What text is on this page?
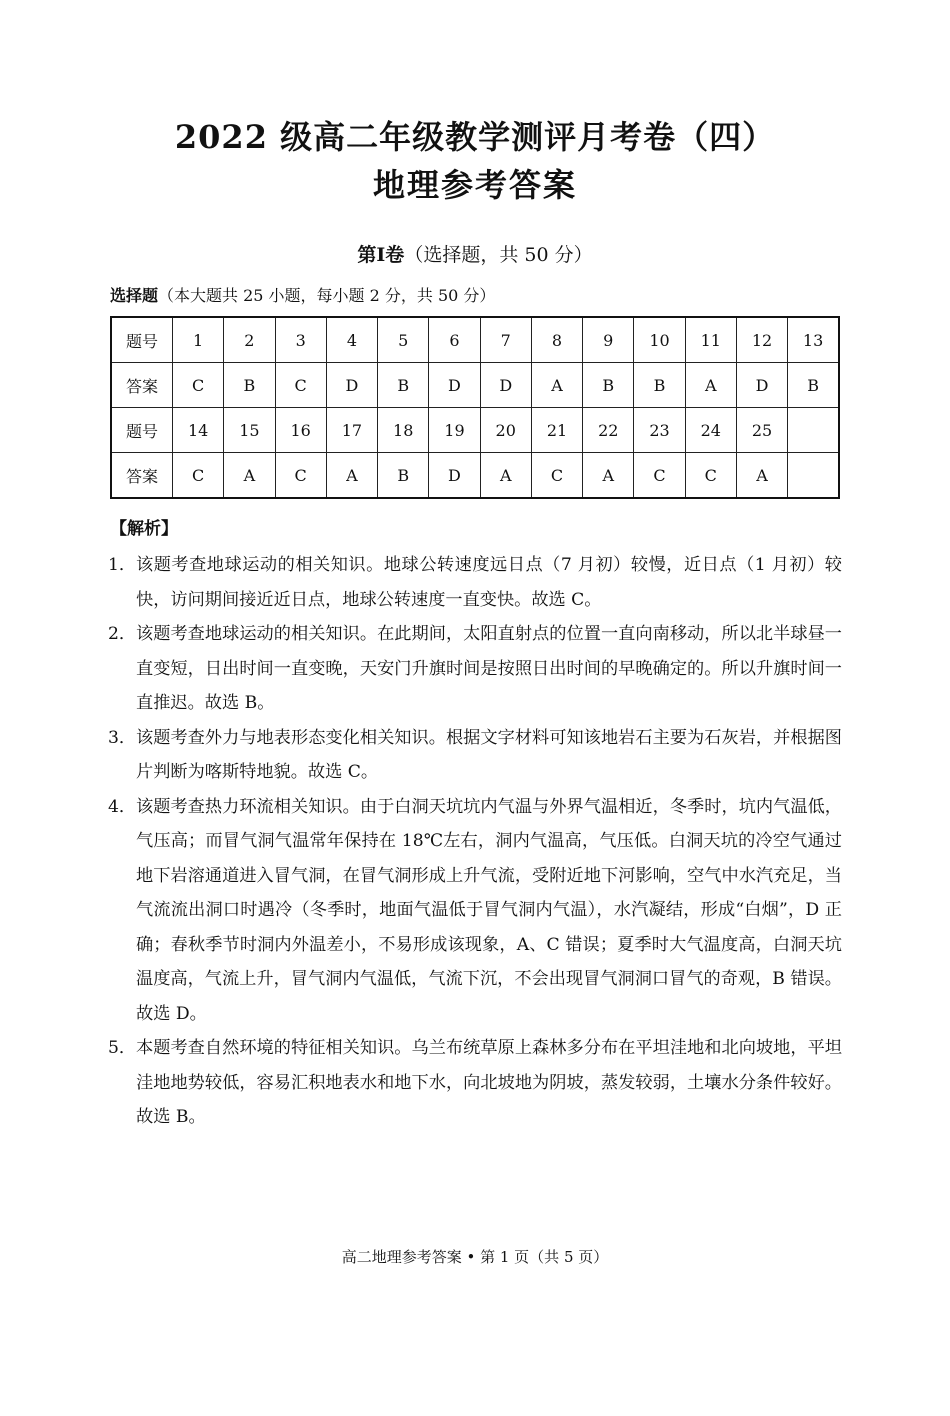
2022 级高二年级教学测评月考卷（四）
地理参考答案
第Ⅰ卷（选择题，共 50 分）
选择题（本大题共 25 小题，每小题 2 分，共 50 分）
题号	1	2	3	4	5	6	7	8	9	10	11	12	13
答案	C	B	C	D	B	D	D	A	B	B	A	D	B
题号	14	15	16	17	18	19	20	21	22	23	24	25	
答案	C	A	C	A	B	D	A	C	A	C	C	A	
【解析】
1． 该题考查地球运动的相关知识。地球公转速度远日点（7 月初）较慢，近日点（1 月初）较快，访问期间接近近日点，地球公转速度一直变快。故选 C。
2． 该题考查地球运动的相关知识。在此期间，太阳直射点的位置一直向南移动，所以北半球昼一直变短，日出时间一直变晚，天安门升旗时间是按照日出时间的早晚确定的。所以升旗时间一直推迟。故选 B。
3． 该题考查外力与地表形态变化相关知识。根据文字材料可知该地岩石主要为石灰岩，并根据图片判断为喀斯特地貌。故选 C。
4． 该题考查热力环流相关知识。由于白洞天坑坑内气温与外界气温相近，冬季时，坑内气温低，气压高；而冒气洞气温常年保持在 18℃左右，洞内气温高，气压低。白洞天坑的冷空气通过地下岩溶通道进入冒气洞，在冒气洞形成上升气流，受附近地下河影响，空气中水汽充足，当气流流出洞口时遇冷（冬季时，地面气温低于冒气洞内气温），水汽凝结，形成“白烟”，D 正确；春秋季节时洞内外温差小，不易形成该现象，A、C 错误；夏季时大气温度高，白洞天坑温度高，气流上升，冒气洞内气温低，气流下沉，不会出现冒气洞洞口冒气的奇观，B 错误。故选 D。
5． 本题考查自然环境的特征相关知识。乌兰布统草原上森林多分布在平坦洼地和北向坡地，平坦洼地地势较低，容易汇积地表水和地下水，向北坡地为阴坡，蒸发较弱，土壤水分条件较好。故选 B。
高二地理参考答案 • 第 1 页（共 5 页）
